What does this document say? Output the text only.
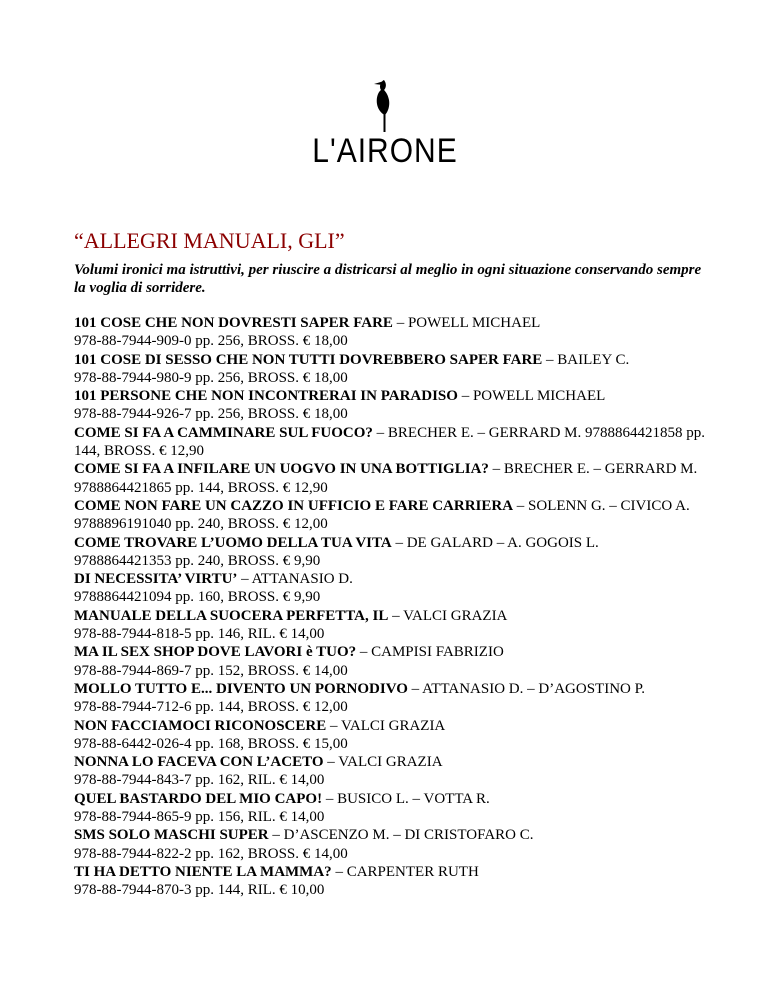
L'AIRONE
“ALLEGRI MANUALI, GLI”

Volumi ironici ma istruttivi, per riuscire a districarsi al meglio in ogni situazione conservando sempre la voglia di sorridere.

101 COSE CHE NON DOVRESTI SAPER FARE – POWELL MICHAEL
978-88-7944-909-0 pp. 256, BROSS. € 18,00
101 COSE DI SESSO CHE NON TUTTI DOVREBBERO SAPER FARE – BAILEY C.
978-88-7944-980-9 pp. 256, BROSS. € 18,00
101 PERSONE CHE NON INCONTRERAI IN PARADISO – POWELL MICHAEL
978-88-7944-926-7 pp. 256, BROSS. € 18,00
COME SI FA A CAMMINARE SUL FUOCO? – BRECHER E. – GERRARD M. 9788864421858 pp. 144, BROSS. € 12,90
COME SI FA A INFILARE UN UOGVO IN UNA BOTTIGLIA? – BRECHER E. – GERRARD M. 9788864421865 pp. 144, BROSS. € 12,90
COME NON FARE UN CAZZO IN UFFICIO E FARE CARRIERA – SOLENN G. – CIVICO A. 9788896191040 pp. 240, BROSS. € 12,00
COME TROVARE L’UOMO DELLA TUA VITA – DE GALARD – A. GOGOIS L.
9788864421353 pp. 240, BROSS. € 9,90
DI NECESSITA’ VIRTU’ – ATTANASIO D.
9788864421094 pp. 160, BROSS. € 9,90
MANUALE DELLA SUOCERA PERFETTA, IL – VALCI GRAZIA
978-88-7944-818-5 pp. 146, RIL. € 14,00
MA IL SEX SHOP DOVE LAVORI è TUO? – CAMPISI FABRIZIO
978-88-7944-869-7 pp. 152, BROSS. € 14,00
MOLLO TUTTO E... DIVENTO UN PORNODIVO – ATTANASIO D. – D’AGOSTINO P.
978-88-7944-712-6 pp. 144, BROSS. € 12,00
NON FACCIAMOCI RICONOSCERE – VALCI GRAZIA
978-88-6442-026-4 pp. 168, BROSS. € 15,00
NONNA LO FACEVA CON L’ACETO – VALCI GRAZIA
978-88-7944-843-7 pp. 162, RIL. € 14,00
QUEL BASTARDO DEL MIO CAPO! – BUSICO L. – VOTTA R.
978-88-7944-865-9 pp. 156, RIL. € 14,00
SMS SOLO MASCHI SUPER – D’ASCENZO M. – DI CRISTOFARO C.
978-88-7944-822-2 pp. 162, BROSS. € 14,00
TI HA DETTO NIENTE LA MAMMA? – CARPENTER RUTH
978-88-7944-870-3 pp. 144, RIL. € 10,00
